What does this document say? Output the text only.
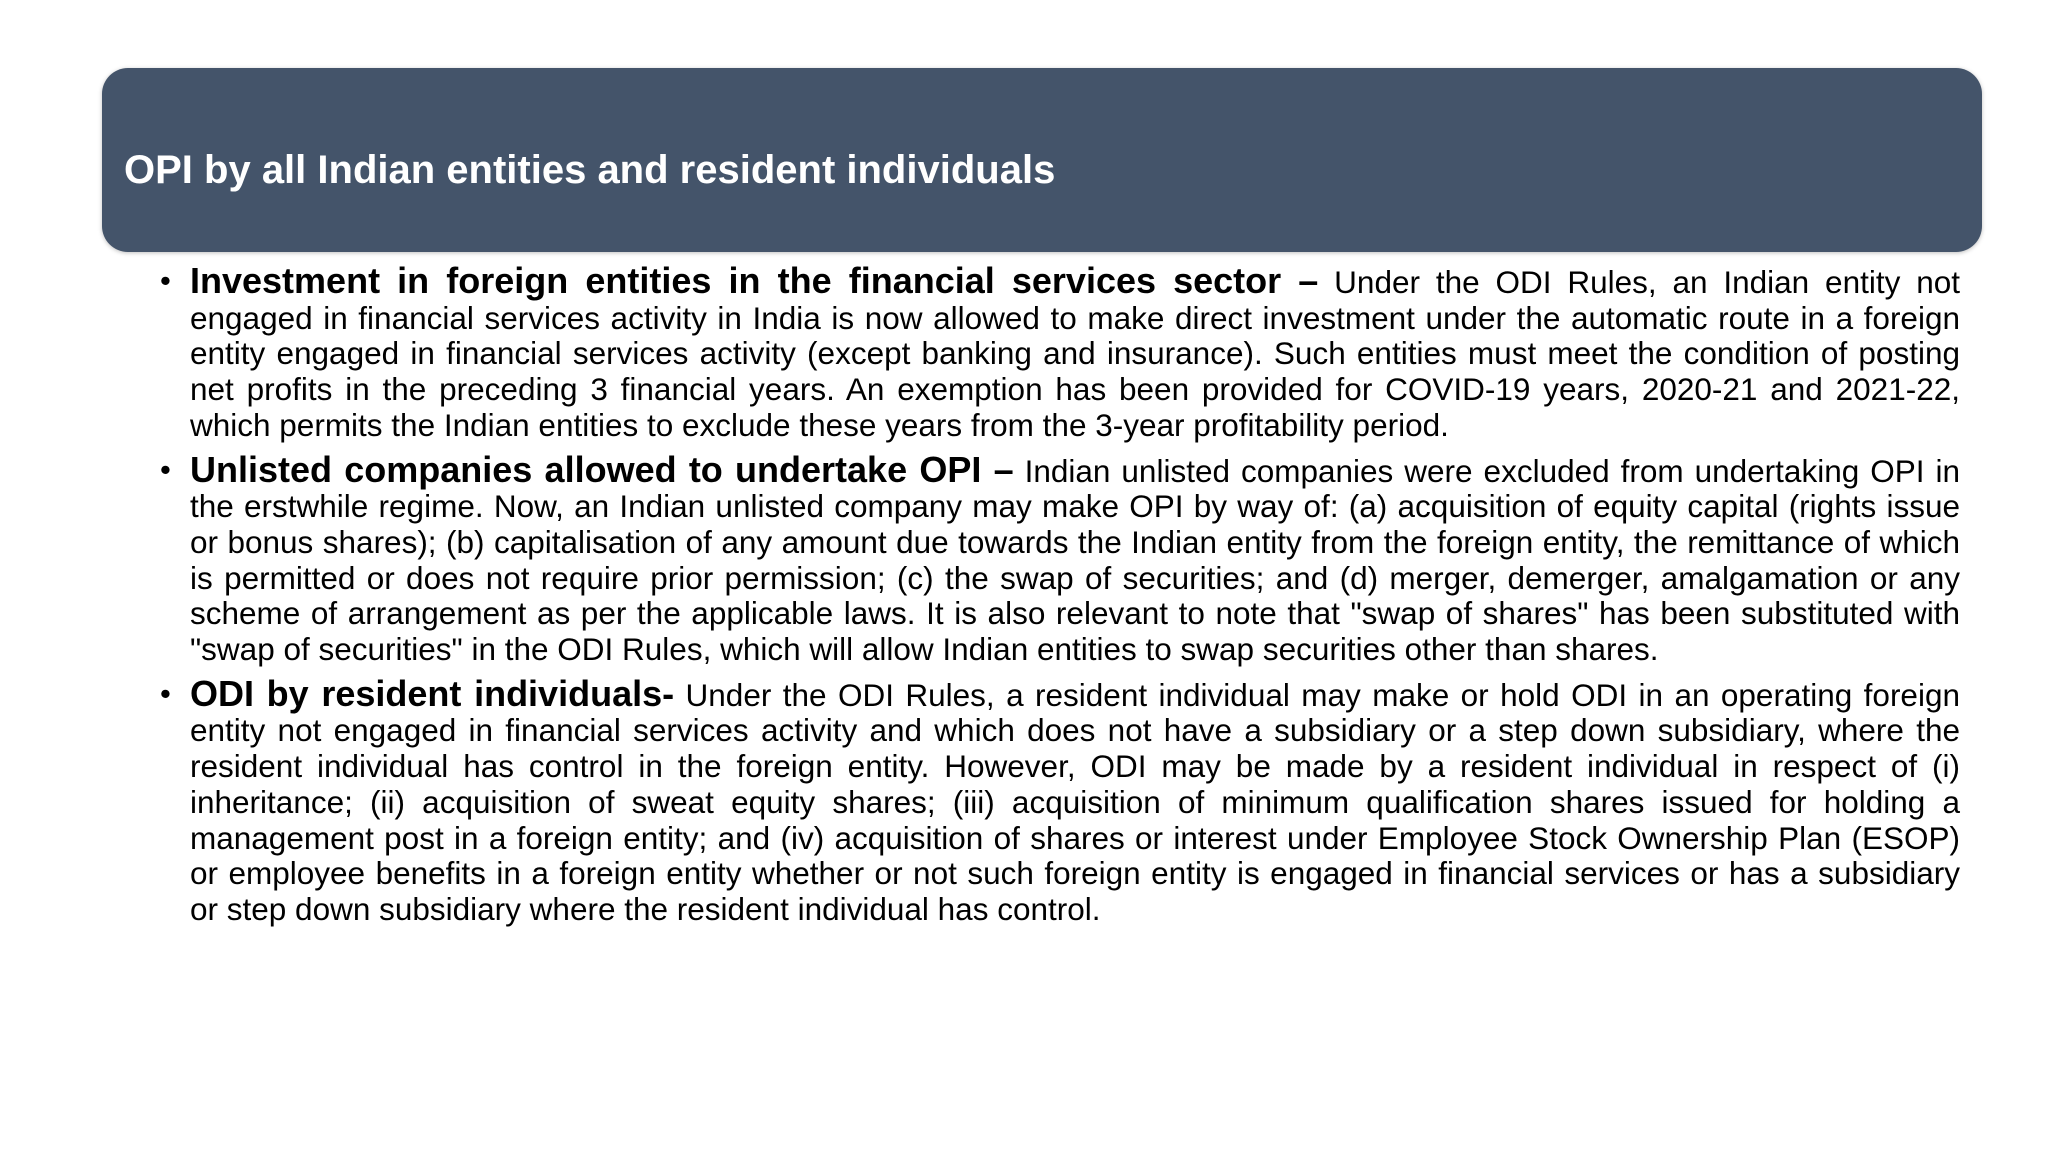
OPI by all Indian entities and resident individuals
• Investment in foreign entities in the financial services sector – Under the ODI Rules, an Indian entity not engaged in financial services activity in India is now allowed to make direct investment under the automatic route in a foreign entity engaged in financial services activity (except banking and insurance). Such entities must meet the condition of posting net profits in the preceding 3 financial years. An exemption has been provided for COVID-19 years, 2020-21 and 2021-22, which permits the Indian entities to exclude these years from the 3-year profitability period.
• Unlisted companies allowed to undertake OPI – Indian unlisted companies were excluded from undertaking OPI in the erstwhile regime. Now, an Indian unlisted company may make OPI by way of: (a) acquisition of equity capital (rights issue or bonus shares); (b) capitalisation of any amount due towards the Indian entity from the foreign entity, the remittance of which is permitted or does not require prior permission; (c) the swap of securities; and (d) merger, demerger, amalgamation or any scheme of arrangement as per the applicable laws. It is also relevant to note that "swap of shares" has been substituted with "swap of securities" in the ODI Rules, which will allow Indian entities to swap securities other than shares.
• ODI by resident individuals- Under the ODI Rules, a resident individual may make or hold ODI in an operating foreign entity not engaged in financial services activity and which does not have a subsidiary or a step down subsidiary, where the resident individual has control in the foreign entity. However, ODI may be made by a resident individual in respect of (i) inheritance; (ii) acquisition of sweat equity shares; (iii) acquisition of minimum qualification shares issued for holding a management post in a foreign entity; and (iv) acquisition of shares or interest under Employee Stock Ownership Plan (ESOP) or employee benefits in a foreign entity whether or not such foreign entity is engaged in financial services or has a subsidiary or step down subsidiary where the resident individual has control.
